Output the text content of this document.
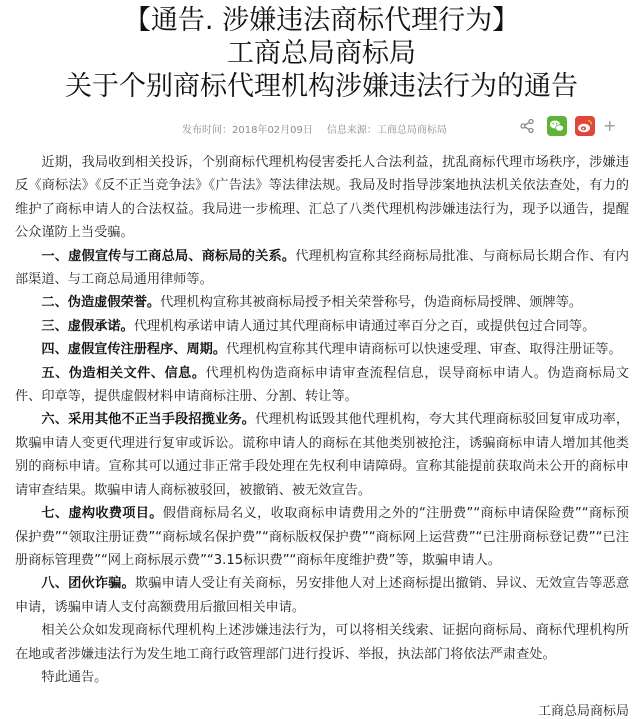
【通告. 涉嫌违法商标代理行为】
工商总局商标局
关于个别商标代理机构涉嫌违法行为的通告
发布时间：2018年02月09日 信息来源：工商总局商标局	+

近期，我局收到相关投诉，个别商标代理机构侵害委托人合法利益，扰乱商标代理市场秩序，涉嫌违反《商标法》《反不正当竞争法》《广告法》等法律法规。我局及时指导涉案地执法机关依法查处，有力的维护了商标申请人的合法权益。我局进一步梳理、汇总了八类代理机构涉嫌违法行为，现予以通告，提醒公众谨防上当受骗。

一、虚假宣传与工商总局、商标局的关系。代理机构宣称其经商标局批准、与商标局长期合作、有内部渠道、与工商总局通用律师等。

二、伪造虚假荣誉。代理机构宣称其被商标局授予相关荣誉称号，伪造商标局授牌、颁牌等。

三、虚假承诺。代理机构承诺申请人通过其代理商标申请通过率百分之百，或提供包过合同等。

四、虚假宣传注册程序、周期。代理机构宣称其代理申请商标可以快速受理、审查、取得注册证等。

五、伪造相关文件、信息。代理机构伪造商标申请审查流程信息，误导商标申请人。伪造商标局文件、印章等，提供虚假材料申请商标注册、分割、转让等。

六、采用其他不正当手段招揽业务。代理机构诋毁其他代理机构，夸大其代理商标驳回复审成功率，欺骗申请人变更代理进行复审或诉讼。谎称申请人的商标在其他类别被抢注，诱骗商标申请人增加其他类别的商标申请。宣称其可以通过非正常手段处理在先权利申请障碍。宣称其能提前获取尚未公开的商标申请审查结果。欺骗申请人商标被驳回，被撤销、被无效宣告。

七、虚构收费项目。假借商标局名义，收取商标申请费用之外的“注册费”“商标申请保险费”“商标预保护费”“领取注册证费”“商标域名保护费”“商标版权保护费”“商标网上运营费”“已注册商标登记费”“已注册商标管理费”“网上商标展示费”“3.15标识费”“商标年度维护费”等，欺骗申请人。

八、团伙诈骗。欺骗申请人受让有关商标，另安排他人对上述商标提出撤销、异议、无效宣告等恶意申请，诱骗申请人支付高额费用后撤回相关申请。

相关公众如发现商标代理机构上述涉嫌违法行为，可以将相关线索、证据向商标局、商标代理机构所在地或者涉嫌违法行为发生地工商行政管理部门进行投诉、举报，执法部门将依法严肃查处。

特此通告。

工商总局商标局
